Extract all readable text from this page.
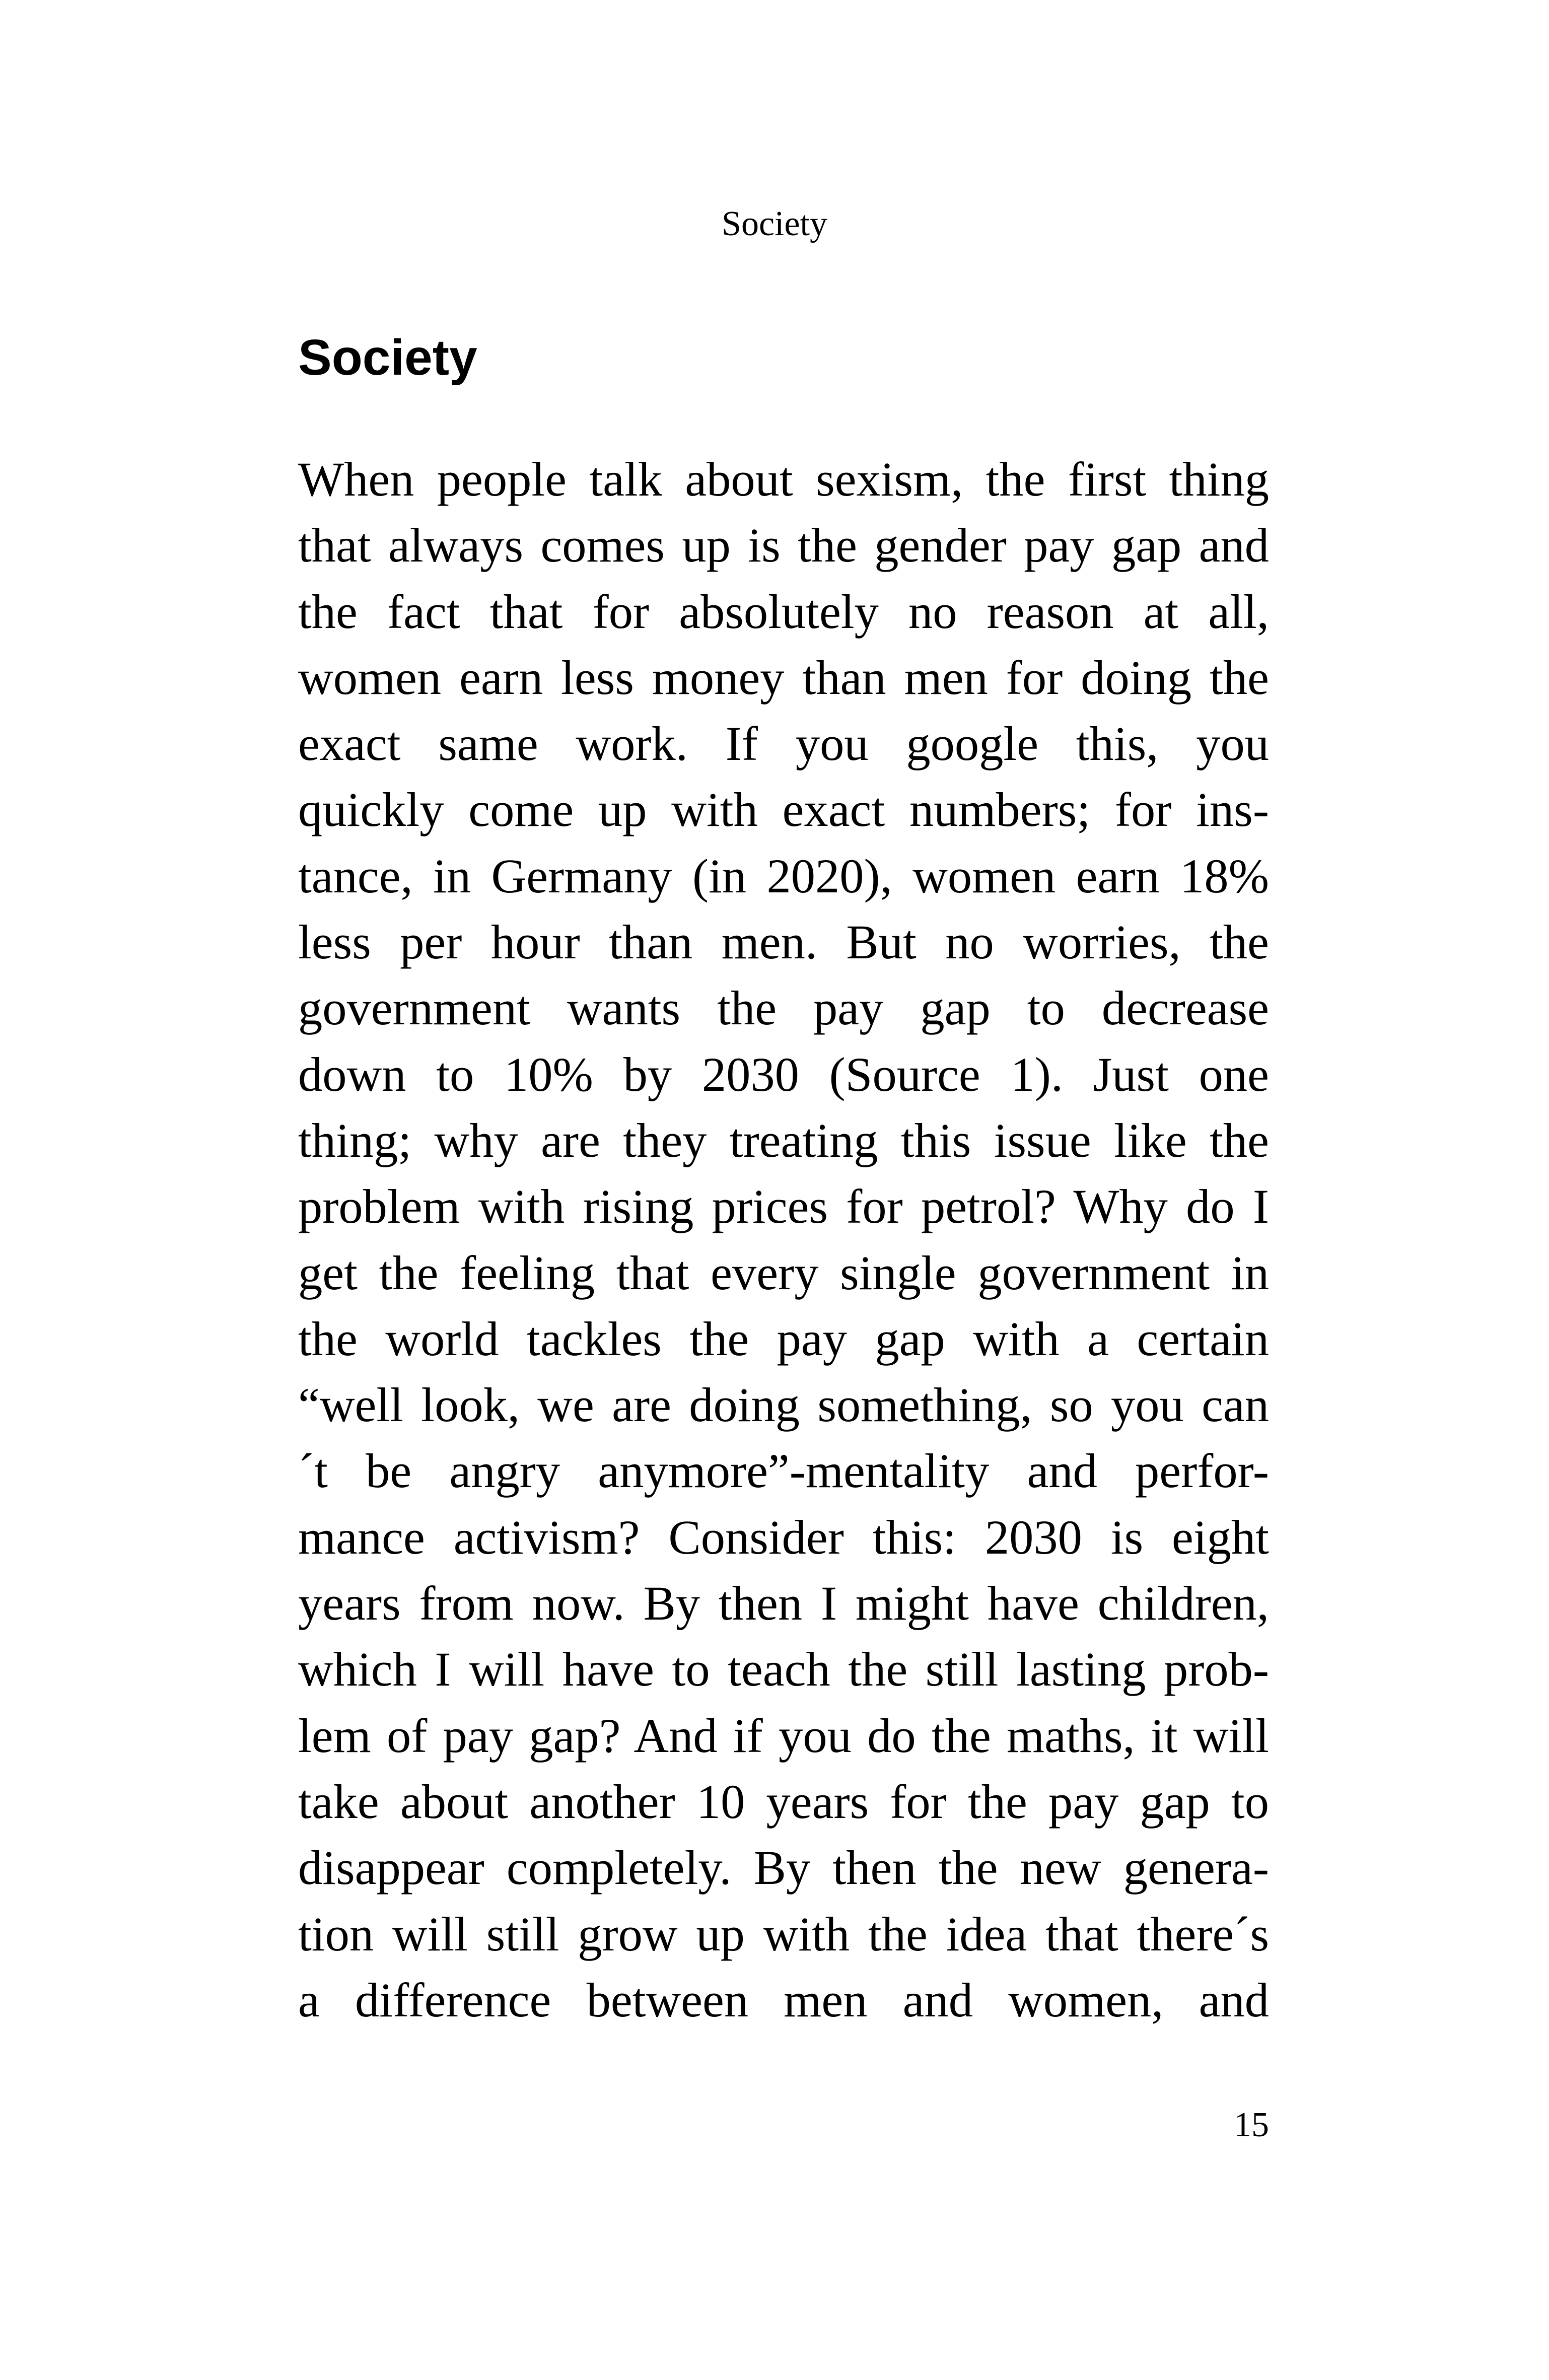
Society
Society
When people talk about sexism, the first thing
that always comes up is the gender pay gap and
the fact that for absolutely no reason at all,
women earn less money than men for doing the
exact same work. If you google this, you
quickly come up with exact numbers; for ins-
tance, in Germany (in 2020), women earn 18%
less per hour than men. But no worries, the
government wants the pay gap to decrease
down to 10% by 2030 (Source 1). Just one
thing; why are they treating this issue like the
problem with rising prices for petrol? Why do I
get the feeling that every single government in
the world tackles the pay gap with a certain
“well look, we are doing something, so you can
´t be angry anymore”-mentality and perfor-
mance activism? Consider this: 2030 is eight
years from now. By then I might have children,
which I will have to teach the still lasting prob-
lem of pay gap? And if you do the maths, it will
take about another 10 years for the pay gap to
disappear completely. By then the new genera-
tion will still grow up with the idea that there´s
a difference between men and women, and
15
